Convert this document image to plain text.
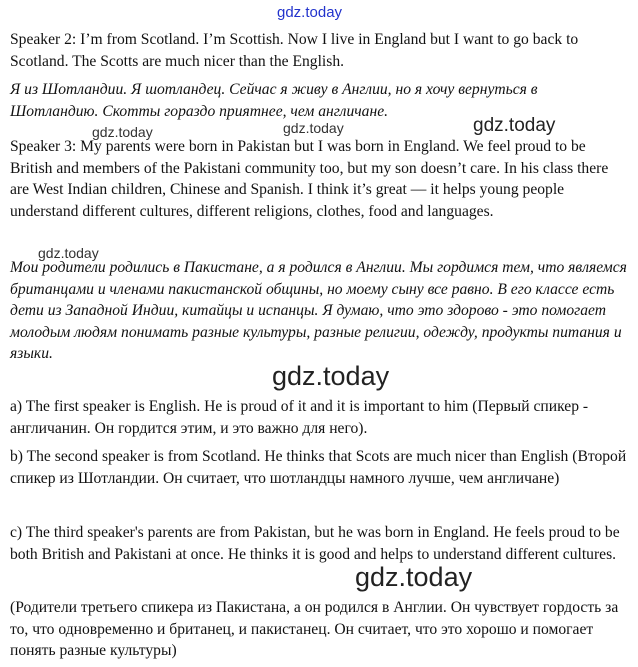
gdz.today

Speaker 2: I’m from Scotland. I’m Scottish. Now I live in England but I want to go back to Scotland. The Scotts are much nicer than the English.

Я из Шотландии. Я шотландец. Сейчас я живу в Англии, но я хочу вернуться в Шотландию. Скотты гораздо приятнее, чем англичане.

gdz.today	gdz.today	gdz.today

Speaker 3: My parents were born in Pakistan but I was born in England. We feel proud to be British and members of the Pakistani community too, but my son doesn’t care. In his class there are West Indian children, Chinese and Spanish. I think it’s great — it helps young people understand different cultures, different religions, clothes, food and languages.

gdz.today

Мои родители родились в Пакистане, а я родился в Англии. Мы гордимся тем, что являемся британцами и членами пакистанской общины, но моему сыну все равно. В его классе есть дети из Западной Индии, китайцы и испанцы. Я думаю, что это здорово - это помогает молодым людям понимать разные культуры, разные религии, одежду, продукты питания и языки.

gdz.today

a) The first speaker is English. He is proud of it and it is important to him (Первый спикер - англичанин. Он гордится этим, и это важно для него).

b) The second speaker is from Scotland. He thinks that Scots are much nicer than English (Второй спикер из Шотландии. Он считает, что шотландцы намного лучше, чем англичане)

c) The third speaker's parents are from Pakistan, but he was born in England. He feels proud to be both British and Pakistani at once. He thinks it is good and helps to understand different cultures.

gdz.today

(Родители третьего спикера из Пакистана, а он родился в Англии. Он чувствует гордость за то, что одновременно и британец, и пакистанец. Он считает, что это хорошо и помогает понять разные культуры)
